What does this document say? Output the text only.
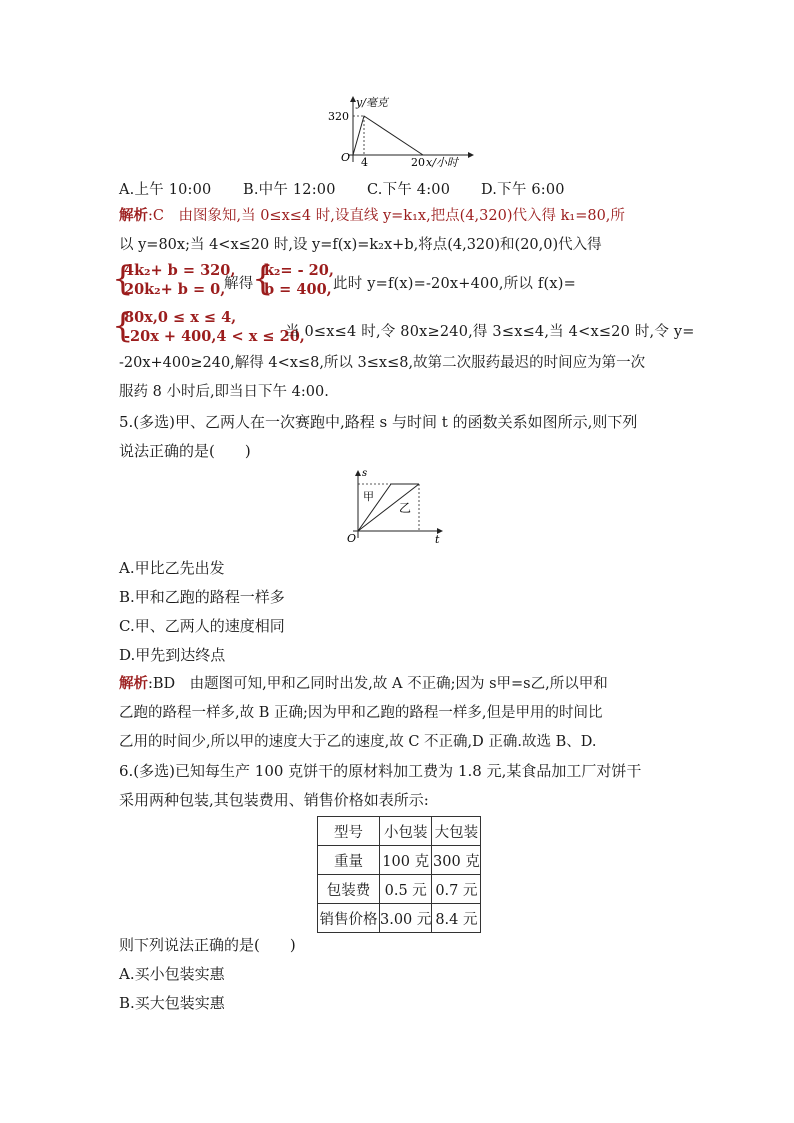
y/毫克
x/小时
O
320
4	20
A.上午 10:00 B.中午 12:00 C.下午 4:00 D.下午 6:00
解析:C　由图象知,当 0≤x≤4 时,设直线 y=k₁x,把点(4,320)代入得 k₁=80,所
以 y=80x;当 4<x≤20 时,设 y=f(x)=k₂x+b,将点(4,320)和(20,0)代入得
{
4k₂+ b = 320,
20k₂+ b = 0,
解得
{
k₂= - 20,
b = 400, 此时 y=f(x)=-20x+400,所以 f(x)=
{
80x,0 ≤ x ≤ 4,
-20x + 400,4 < x ≤ 20,
当 0≤x≤4 时,令 80x≥240,得 3≤x≤4,当 4<x≤20 时,令 y=
-20x+400≥240,解得 4<x≤8,所以 3≤x≤8,故第二次服药最迟的时间应为第一次
服药 8 小时后,即当日下午 4:00.
5.(多选)甲、乙两人在一次赛跑中,路程 s 与时间 t 的函数关系如图所示,则下列
说法正确的是(　　)
s
t
O
甲
乙
A.甲比乙先出发
B.甲和乙跑的路程一样多
C.甲、乙两人的速度相同
D.甲先到达终点
解析:BD　由题图可知,甲和乙同时出发,故 A 不正确;因为 s甲=s乙,所以甲和
乙跑的路程一样多,故 B 正确;因为甲和乙跑的路程一样多,但是甲用的时间比
乙用的时间少,所以甲的速度大于乙的速度,故 C 不正确,D 正确.故选 B、D.
6.(多选)已知每生产 100 克饼干的原材料加工费为 1.8 元,某食品加工厂对饼干
采用两种包装,其包装费用、销售价格如表所示:
型号	小包装	大包装
重量	100 克	300 克
包装费	0.5 元	0.7 元
销售价格	3.00 元	8.4 元
则下列说法正确的是(　　)
A.买小包装实惠
B.买大包装实惠
